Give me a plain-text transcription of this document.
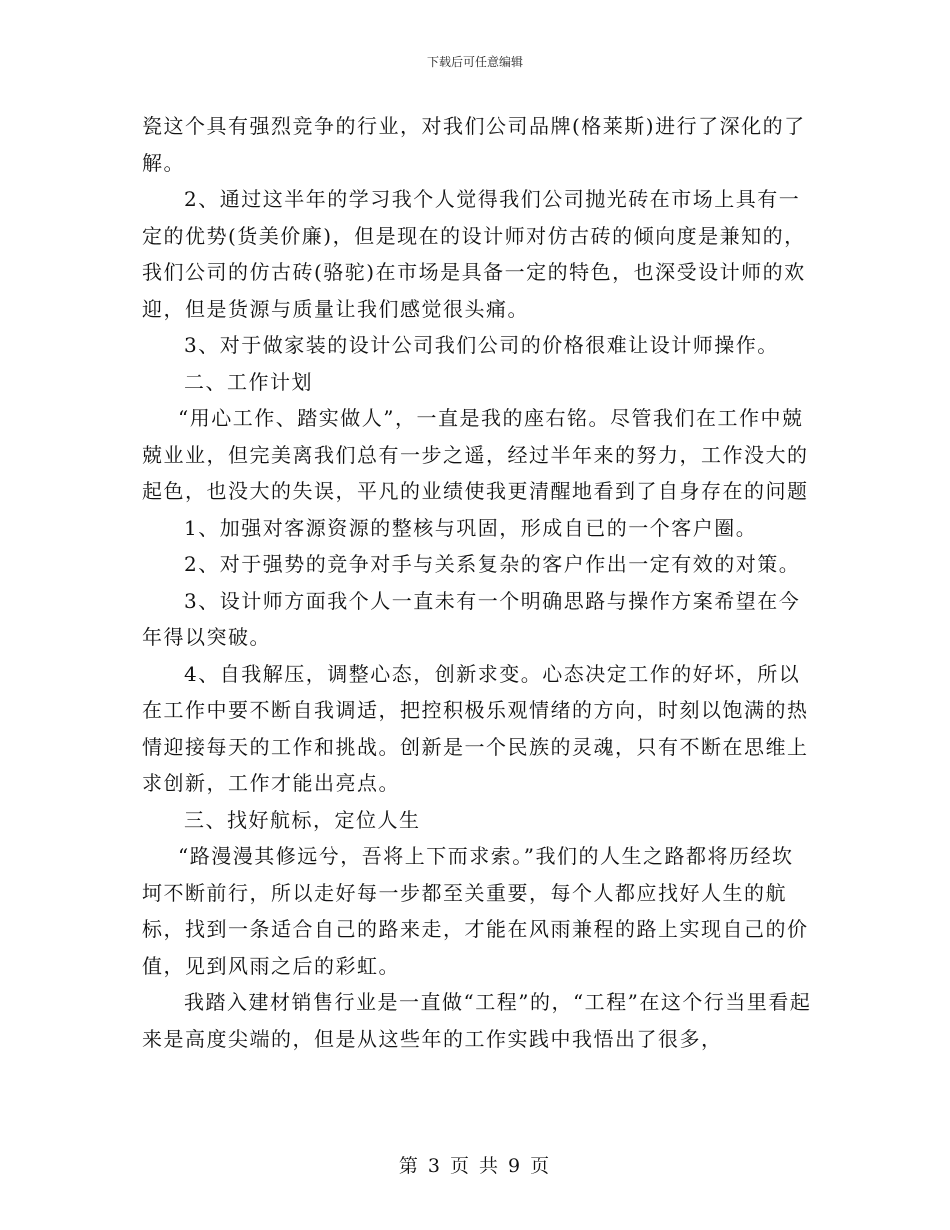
下载后可任意编辑

瓷这个具有强烈竞争的行业，对我们公司品牌(格莱斯)进行了深化的了解。

2、通过这半年的学习我个人觉得我们公司抛光砖在市场上具有一定的优势(货美价廉)，但是现在的设计师对仿古砖的倾向度是兼知的，我们公司的仿古砖(骆驼)在市场是具备一定的特色，也深受设计师的欢迎，但是货源与质量让我们感觉很头痛。

3、对于做家装的设计公司我们公司的价格很难让设计师操作。

二、工作计划

“用心工作、踏实做人”，一直是我的座右铭。尽管我们在工作中兢兢业业，但完美离我们总有一步之遥，经过半年来的努力，工作没大的起色，也没大的失误，平凡的业绩使我更清醒地看到了自身存在的问题

1、加强对客源资源的整核与巩固，形成自已的一个客户圈。

2、对于强势的竞争对手与关系复杂的客户作出一定有效的对策。

3、设计师方面我个人一直未有一个明确思路与操作方案希望在今年得以突破。

4、自我解压，调整心态，创新求变。心态决定工作的好坏，所以在工作中要不断自我调适，把控积极乐观情绪的方向，时刻以饱满的热情迎接每天的工作和挑战。创新是一个民族的灵魂，只有不断在思维上求创新，工作才能出亮点。

三、找好航标，定位人生

“路漫漫其修远兮，吾将上下而求索。”我们的人生之路都将历经坎坷不断前行，所以走好每一步都至关重要，每个人都应找好人生的航标，找到一条适合自己的路来走，才能在风雨兼程的路上实现自己的价值，见到风雨之后的彩虹。

我踏入建材销售行业是一直做“工程”的，“工程”在这个行当里看起来是高度尖端的，但是从这些年的工作实践中我悟出了很多，

第 3 页 共 9 页
